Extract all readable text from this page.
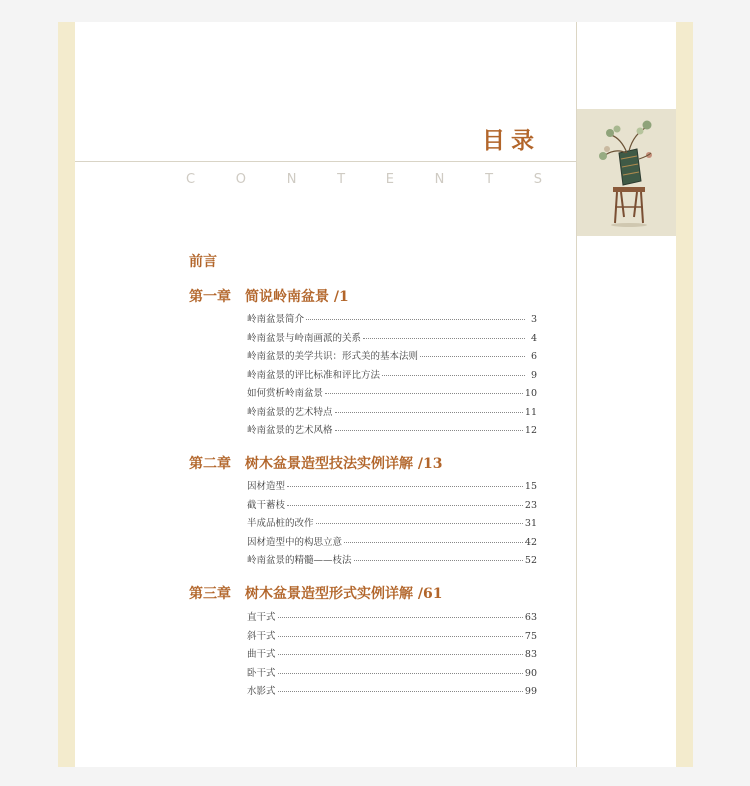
目录
C	O	N	T	E	N	T	S
前言
第一章 简说岭南盆景 /1
岭南盆景简介	3
岭南盆景与岭南画派的关系	4
岭南盆景的美学共识：形式美的基本法则	6
岭南盆景的评比标准和评比方法	9
如何赏析岭南盆景	10
岭南盆景的艺术特点	11
岭南盆景的艺术风格	12
第二章 树木盆景造型技法实例详解 /13
因材造型	15
截干蓄枝	23
半成品桩的改作	31
因材造型中的构思立意	42
岭南盆景的精髓——枝法	52
第三章 树木盆景造型形式实例详解 /61
直干式	63
斜干式	75
曲干式	83
卧干式	90
水影式	99
